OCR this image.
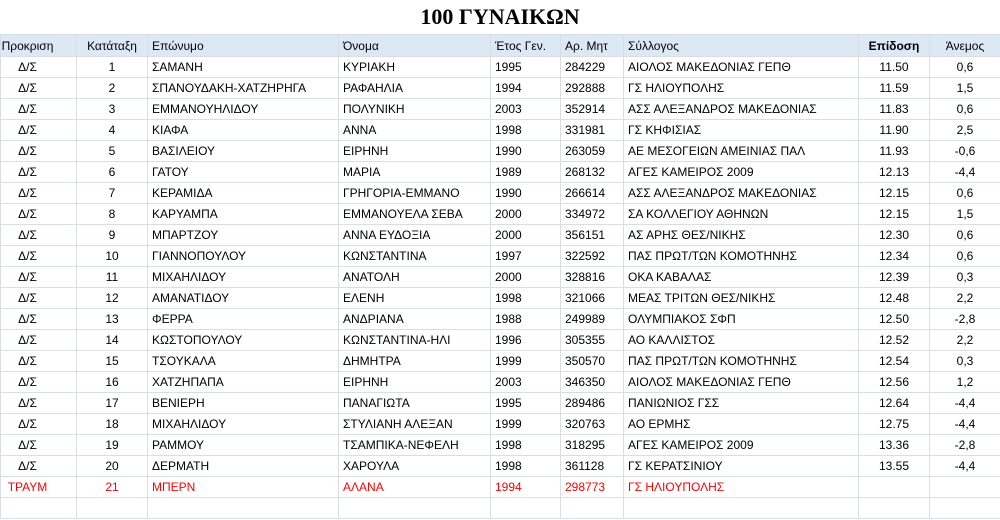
100 ΓΥΝΑΙΚΩΝ
Προκριση	Κατάταξη	Επώνυμο	Όνομα	Έτος Γεν.	Αρ. Μητ	Σύλλογος	Επίδοση	Άνεμος
Δ/Σ	1	ΣΑΜΑΝΗ	ΚΥΡΙΑΚΗ	1995	284229	ΑΙΟΛΟΣ ΜΑΚΕΔΟΝΙΑΣ ΓΕΠΘ	11.50	0,6
Δ/Σ	2	ΣΠΑΝΟΥΔΑΚΗ-ΧΑΤΖΗΡΗΓΑ	ΡΑΦΑΗΛΙΑ	1994	292888	ΓΣ ΗΛΙΟΥΠΟΛΗΣ	11.59	1,5
Δ/Σ	3	ΕΜΜΑΝΟΥΗΛΙΔΟΥ	ΠΟΛΥΝΙΚΗ	2003	352914	ΑΣΣ ΑΛΕΞΑΝΔΡΟΣ ΜΑΚΕΔΟΝΙΑΣ	11.83	0,6
Δ/Σ	4	ΚΙΑΦΑ	ΑΝΝΑ	1998	331981	ΓΣ ΚΗΦΙΣΙΑΣ	11.90	2,5
Δ/Σ	5	ΒΑΣΙΛΕΙΟΥ	ΕΙΡΗΝΗ	1990	263059	ΑΕ ΜΕΣΟΓΕΙΩΝ ΑΜΕΙΝΙΑΣ ΠΑΛ	11.93	-0,6
Δ/Σ	6	ΓΑΤΟΥ	ΜΑΡΙΑ	1989	268132	ΑΓΕΣ ΚΑΜΕΙΡΟΣ 2009	12.13	-4,4
Δ/Σ	7	ΚΕΡΑΜΙΔΑ	ΓΡΗΓΟΡΙΑ-ΕΜΜΑΝΟ	1990	266614	ΑΣΣ ΑΛΕΞΑΝΔΡΟΣ ΜΑΚΕΔΟΝΙΑΣ	12.15	0,6
Δ/Σ	8	ΚΑΡΥΑΜΠΑ	ΕΜΜΑΝΟΥΕΛΑ ΣΕΒΑ	2000	334972	ΣΑ ΚΟΛΛΕΓΙΟΥ ΑΘΗΝΩΝ	12.15	1,5
Δ/Σ	9	ΜΠΑΡΤΖΟΥ	ΑΝΝΑ ΕΥΔΟΞΙΑ	2000	356151	ΑΣ ΑΡΗΣ ΘΕΣ/ΝΙΚΗΣ	12.30	0,6
Δ/Σ	10	ΓΙΑΝΝΟΠΟΥΛΟΥ	ΚΩΝΣΤΑΝΤΙΝΑ	1997	322592	ΠΑΣ ΠΡΩΤ/ΤΩΝ ΚΟΜΟΤΗΝΗΣ	12.34	0,6
Δ/Σ	11	ΜΙΧΑΗΛΙΔΟΥ	ΑΝΑΤΟΛΗ	2000	328816	ΟΚΑ ΚΑΒΑΛΑΣ	12.39	0,3
Δ/Σ	12	ΑΜΑΝΑΤΙΔΟΥ	ΕΛΕΝΗ	1998	321066	ΜΕΑΣ ΤΡΙΤΩΝ ΘΕΣ/ΝΙΚΗΣ	12.48	2,2
Δ/Σ	13	ΦΕΡΡΑ	ΑΝΔΡΙΑΝΑ	1988	249989	ΟΛΥΜΠΙΑΚΟΣ ΣΦΠ	12.50	-2,8
Δ/Σ	14	ΚΩΣΤΟΠΟΥΛΟΥ	ΚΩΝΣΤΑΝΤΙΝΑ-ΗΛΙ	1996	305355	ΑΟ ΚΑΛΛΙΣΤΟΣ	12.52	2,2
Δ/Σ	15	ΤΣΟΥΚΑΛΑ	ΔΗΜΗΤΡΑ	1999	350570	ΠΑΣ ΠΡΩΤ/ΤΩΝ ΚΟΜΟΤΗΝΗΣ	12.54	0,3
Δ/Σ	16	ΧΑΤΖΗΠΑΠΑ	ΕΙΡΗΝΗ	2003	346350	ΑΙΟΛΟΣ ΜΑΚΕΔΟΝΙΑΣ ΓΕΠΘ	12.56	1,2
Δ/Σ	17	ΒΕΝΙΕΡΗ	ΠΑΝΑΓΙΩΤΑ	1995	289486	ΠΑΝΙΩΝΙΟΣ ΓΣΣ	12.64	-4,4
Δ/Σ	18	ΜΙΧΑΗΛΙΔΟΥ	ΣΤΥΛΙΑΝΗ ΑΛΕΞΑΝ	1999	320763	ΑΟ ΕΡΜΗΣ	12.75	-4,4
Δ/Σ	19	ΡΑΜΜΟΥ	ΤΣΑΜΠΙΚΑ-ΝΕΦΕΛΗ	1998	318295	ΑΓΕΣ ΚΑΜΕΙΡΟΣ 2009	13.36	-2,8
Δ/Σ	20	ΔΕΡΜΑΤΗ	ΧΑΡΟΥΛΑ	1998	361128	ΓΣ ΚΕΡΑΤΣΙΝΙΟΥ	13.55	-4,4
ΤΡΑΥΜ	21	ΜΠΕΡΝ	ΑΛΑΝΑ	1994	298773	ΓΣ ΗΛΙΟΥΠΟΛΗΣ		
